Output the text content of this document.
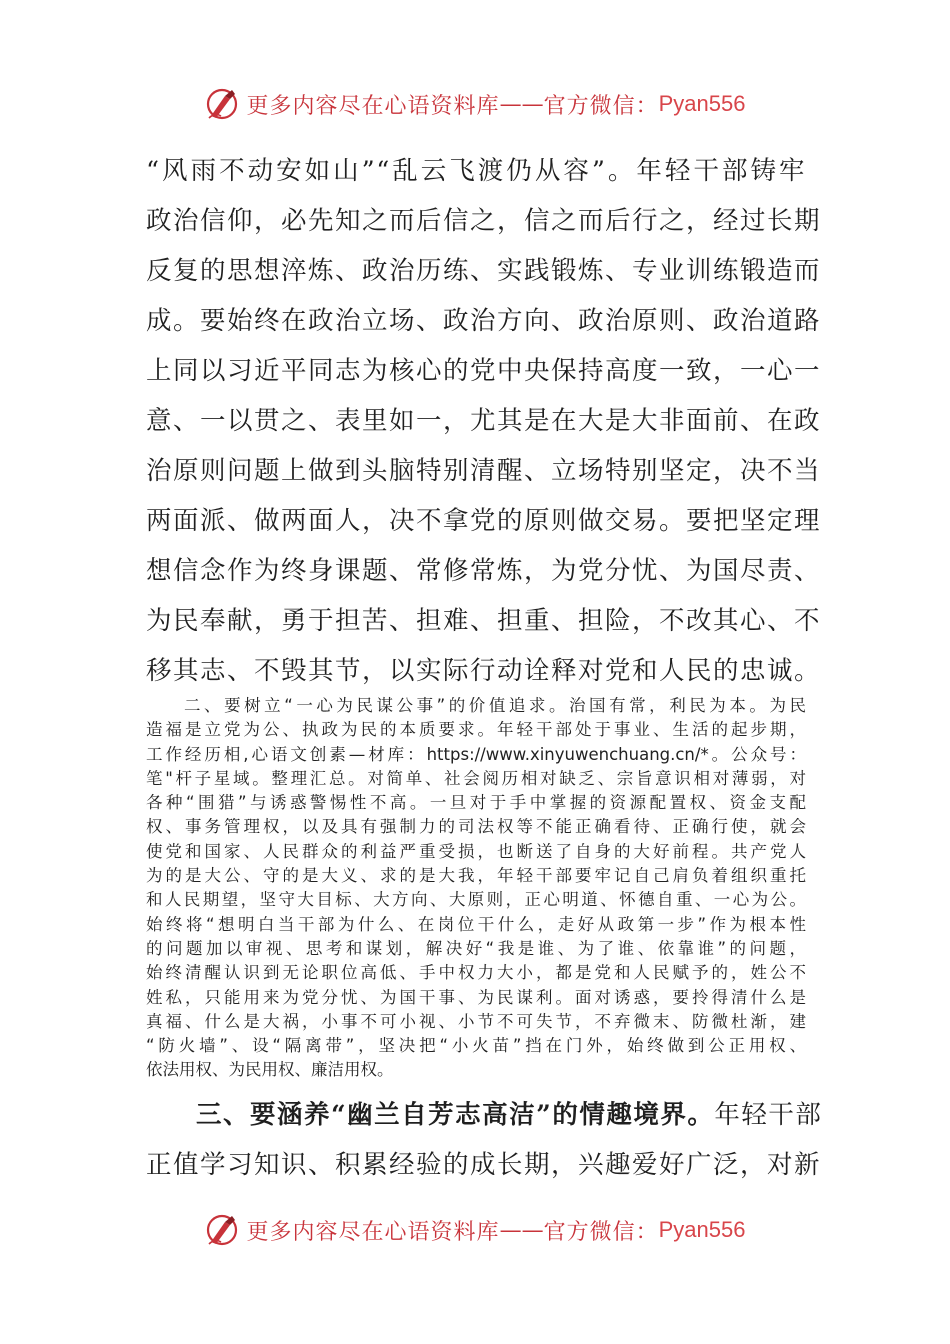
更多内容尽在心语资料库 —— 官方微信： Pyan556
“风雨不动安如山”“乱云飞渡仍从容”。年轻干部铸牢
政治信仰，必先知之而后信之，信之而后行之，经过长期
反复的思想淬炼、政治历练、实践锻炼、专业训练锻造而
成。要始终在政治立场、政治方向、政治原则、政治道路
上同以习近平同志为核心的党中央保持高度一致，一心一
意、一以贯之、表里如一，尤其是在大是大非面前、在政
治原则问题上做到头脑特别清醒、立场特别坚定，决不当
两面派、做两面人，决不拿党的原则做交易。要把坚定理
想信念作为终身课题、常修常炼，为党分忧、为国尽责、
为民奉献，勇于担苦、担难、担重、担险，不改其心、不
移其志、不毁其节，以实际行动诠释对党和人民的忠诚。
二、要树立“一心为民谋公事”的价值追求。治国有常，利民为本。为民
造福是立党为公、执政为民的本质要求。年轻干部处于事业、生活的起步期，
工作经历相,心语文创素—材库：https://www.xinyuwenchuang.cn/*。公众号：
笔"杆子星域。整理汇总。对简单、社会阅历相对缺乏、宗旨意识相对薄弱，对
各种“围猎”与诱惑警惕性不高。一旦对于手中掌握的资源配置权、资金支配
权、事务管理权，以及具有强制力的司法权等不能正确看待、正确行使，就会
使党和国家、人民群众的利益严重受损，也断送了自身的大好前程。共产党人
为的是大公、守的是大义、求的是大我，年轻干部要牢记自己肩负着组织重托
和人民期望，坚守大目标、大方向、大原则，正心明道、怀德自重、一心为公。
始终将“想明白当干部为什么、在岗位干什么，走好从政第一步”作为根本性
的问题加以审视、思考和谋划，解决好“我是谁、为了谁、依靠谁”的问题，
始终清醒认识到无论职位高低、手中权力大小，都是党和人民赋予的，姓公不
姓私，只能用来为党分忧、为国干事、为民谋利。面对诱惑，要拎得清什么是
真福、什么是大祸，小事不可小视、小节不可失节，不弃微末、防微杜渐，建
“防火墙”、设“隔离带”，坚决把“小火苗”挡在门外，始终做到公正用权、
依法用权、为民用权、廉洁用权。
三、要涵养“幽兰自芳志高洁”的情趣境界。年轻干部
正值学习知识、积累经验的成长期，兴趣爱好广泛，对新
更多内容尽在心语资料库 —— 官方微信： Pyan556
